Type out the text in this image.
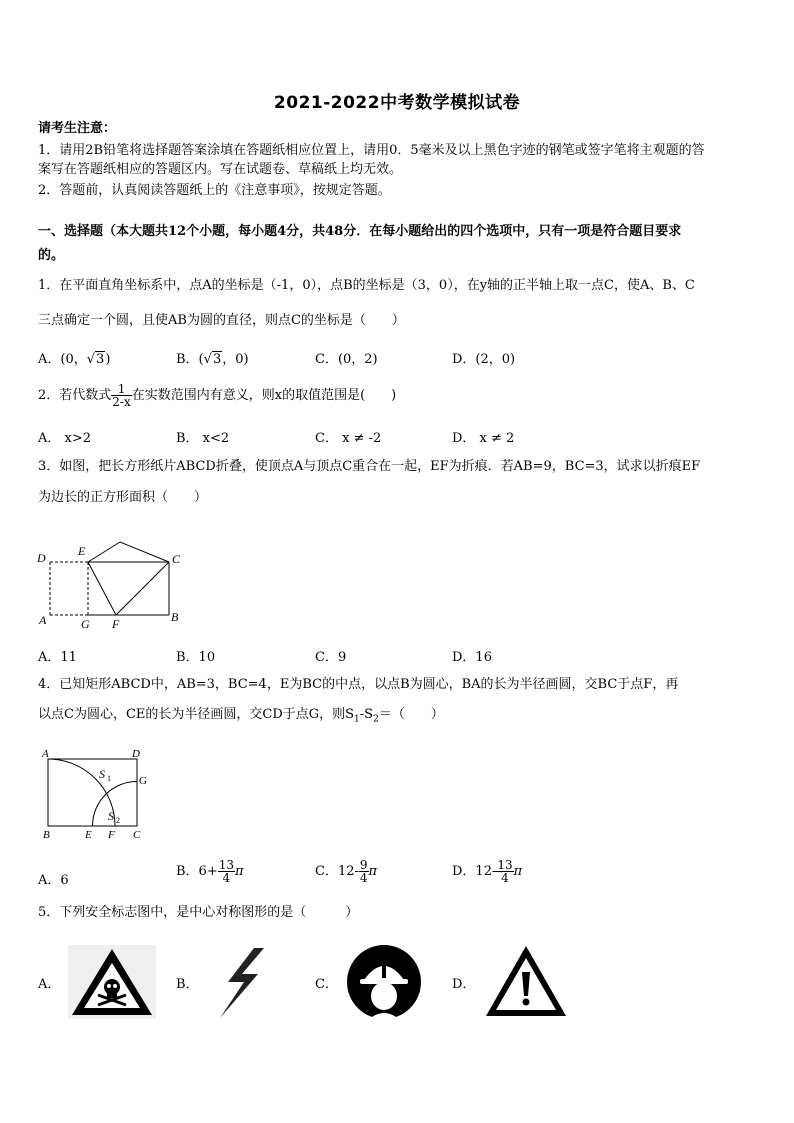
2021-2022中考数学模拟试卷
请考生注意：
1．请用2B铅笔将选择题答案涂填在答题纸相应位置上，请用0．5毫米及以上黑色字迹的钢笔或签字笔将主观题的答
案写在答题纸相应的答题区内。写在试题卷、草稿纸上均无效。
2．答题前，认真阅读答题纸上的《注意事项》，按规定答题。
一、选择题（本大题共12个小题，每小题4分，共48分．在每小题给出的四个选项中，只有一项是符合题目要求
的。
1．在平面直角坐标系中，点A的坐标是（-1，0），点B的坐标是（3，0），在y轴的正半轴上取一点C，使A、B、C
三点确定一个圆，且使AB为圆的直径，则点C的坐标是（　　）
A．(0，√3)	B．(√3，0)	C．(0，2)	D．(2，0)
2．若代数式 $\frac{1}{2-x}$ 在实数范围内有意义，则x的取值范围是(　　)
A． x>2	B． x<2	C． x ≠ -2	D． x ≠ 2
3．如图，把长方形纸片ABCD折叠，使顶点A与顶点C重合在一起，EF为折痕．若AB=9，BC=3，试求以折痕EF
为边长的正方形面积（　　）
D	E
C
A	G F	B
A．11	B．10	C．9	D．16
4．已知矩形ABCD中，AB=3，BC=4，E为BC的中点，以点B为圆心，BA的长为半径画圆，交BC于点F，再
以点C为圆心，CE的长为半径画圆，交CD于点G，则$S_1-S_2=$（　　）
A	D
S 1	G
S 2
B	E F C
A．6
B．$6+ \frac{13}{4}$ π	C．$12- \frac{9}{4}$ π	D．$12- \frac{13}{4}$ π
5．下列安全标志图中，是中心对称图形的是（　　　）
A．	B．	C．	D．
